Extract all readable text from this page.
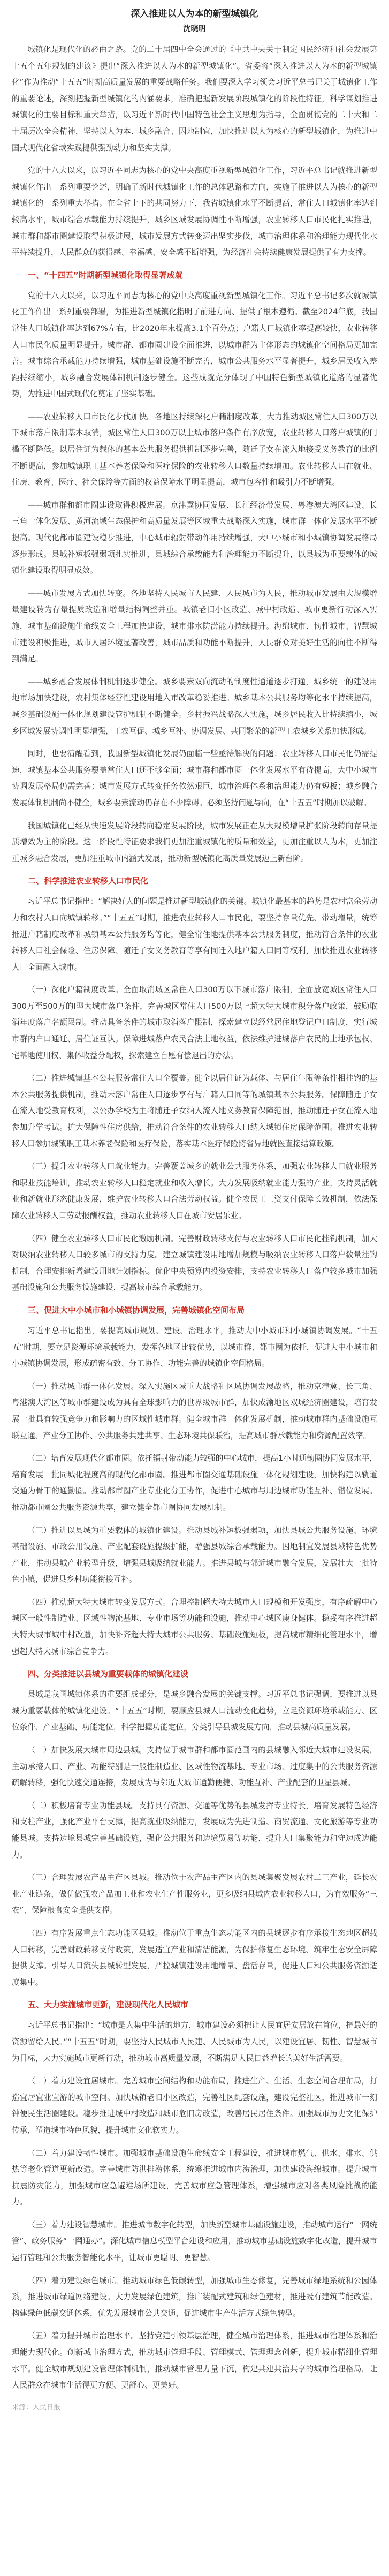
深入推进以人为本的新型城镇化
沈晓明
城镇化是现代化的必由之路。党的二十届四中全会通过的《中共中央关于制定国民经济和社会发展第十五个五年规划的建议》提出“深入推进以人为本的新型城镇化”。省委将“深入推进以人为本的新型城镇化”作为推动“十五五”时期高质量发展的重要战略任务。我们要深入学习领会习近平总书记关于城镇化工作的重要论述，深刻把握新型城镇化的内涵要求，准确把握新发展阶段城镇化的阶段性特征，科学谋划推进城镇化的主要目标和重大举措，以习近平新时代中国特色社会主义思想为指导，全面贯彻党的二十大和二十届历次全会精神，坚持以人为本、城乡融合、因地制宜，加快推进以人为核心的新型城镇化，为推进中国式现代化省域实践提供强劲动力和坚实支撑。
党的十八大以来，以习近平同志为核心的党中央高度重视新型城镇化工作，习近平总书记就推进新型城镇化作出一系列重要论述，明确了新时代城镇化工作的总体思路和方向，实施了推进以人为核心的新型城镇化的一系列重大举措。在全省上下的共同努力下，我省城镇化水平不断提高，常住人口城镇化率达到较高水平，城市综合承载能力持续提升，城乡区域发展协调性不断增强，农业转移人口市民化扎实推进，城市群和都市圈建设取得积极进展，城市发展方式转变迈出坚实步伐，城市治理体系和治理能力现代化水平持续提升，人民群众的获得感、幸福感、安全感不断增强，为经济社会持续健康发展提供了有力支撑。
一、“十四五”时期新型城镇化取得显著成就
党的十八大以来，以习近平同志为核心的党中央高度重视新型城镇化工作。习近平总书记多次就城镇化工作作出一系列重要部署，为推进新型城镇化指明了前进方向、提供了根本遵循。截至2024年底，我国常住人口城镇化率达到67%左右，比2020年末提高3.1个百分点；户籍人口城镇化率提高较快，农业转移人口市民化质量明显提升。城市群、都市圈建设全面推进，以城市群为主体形态的城镇化空间格局更加完善。城市综合承载能力持续增强，城市基础设施不断完善，城市公共服务水平显著提升，城乡居民收入差距持续缩小，城乡融合发展体制机制逐步健全。这些成就充分体现了中国特色新型城镇化道路的显著优势，为推进中国式现代化奠定了坚实基础。
——农业转移人口市民化步伐加快。各地区持续深化户籍制度改革，大力推动城区常住人口300万以下城市落户限制基本取消，城区常住人口300万以上城市落户条件有序放宽，农业转移人口落户城镇的门槛不断降低。以居住证为载体的基本公共服务提供机制逐步完善，随迁子女在流入地接受义务教育的比例不断提高，参加城镇职工基本养老保险和医疗保险的农业转移人口数量持续增加。农业转移人口在就业、住房、教育、医疗、社会保障等方面的权益保障水平明显提高，城市包容性和吸引力不断增强。
——城市群和都市圈建设取得积极进展。京津冀协同发展、长江经济带发展、粤港澳大湾区建设、长三角一体化发展、黄河流域生态保护和高质量发展等区域重大战略深入实施，城市群一体化发展水平不断提高。现代化都市圈建设稳步推进，中心城市辐射带动作用持续增强，大中小城市和小城镇协调发展格局逐步形成。县城补短板强弱项扎实推进，县城综合承载能力和治理能力不断提升，以县城为重要载体的城镇化建设取得明显成效。
——城市发展方式加快转变。各地坚持人民城市人民建、人民城市为人民，推动城市发展由大规模增量建设转为存量提质改造和增量结构调整并重。城镇老旧小区改造、城中村改造、城市更新行动深入实施，城市基础设施生命线安全工程加快建设，城市排水防涝能力持续提升。海绵城市、韧性城市、智慧城市建设积极推进，城市人居环境显著改善，城市品质和功能不断提升，人民群众对美好生活的向往不断得到满足。
——城乡融合发展体制机制逐步健全。城乡要素双向流动的制度性通道逐步打通，城乡统一的建设用地市场加快建设，农村集体经营性建设用地入市改革稳妥推进。城乡基本公共服务均等化水平持续提高，城乡基础设施一体化规划建设管护机制不断健全。乡村振兴战略深入实施，城乡居民收入比持续缩小，城乡区域发展协调性明显增强，工农互促、城乡互补、协调发展、共同繁荣的新型工农城乡关系加快形成。
同时，也要清醒看到，我国新型城镇化发展仍面临一些亟待解决的问题：农业转移人口市民化仍需提速，城镇基本公共服务覆盖常住人口还不够全面；城市群和都市圈一体化发展水平有待提高，大中小城市协调发展格局仍需完善；城市发展方式转变任务依然艰巨，城市治理体系和治理能力仍有短板；城乡融合发展体制机制尚不健全，城乡要素流动仍存在不少障碍。必须坚持问题导向，在“十五五”时期加以破解。
我国城镇化已经从快速发展阶段转向稳定发展阶段，城市发展正在从大规模增量扩张阶段转向存量提质增效为主的阶段。这一阶段性特征要求我们更加注重城镇化的质量和效益，更加注重以人为本，更加注重城乡融合发展，更加注重城市内涵式发展，推动新型城镇化高质量发展迈上新台阶。
二、科学推进农业转移人口市民化
习近平总书记指出：“解决好人的问题是推进新型城镇化的关键。城镇化最基本的趋势是农村富余劳动力和农村人口向城镇转移。”“十五五”时期，推进农业转移人口市民化，要坚持存量优先、带动增量，统筹推进户籍制度改革和城镇基本公共服务均等化，健全常住地提供基本公共服务制度，推动符合条件的农业转移人口社会保险、住房保障、随迁子女义务教育等享有同迁入地户籍人口同等权利，加快推进农业转移人口全面融入城市。
（一）深化户籍制度改革。全面取消城区常住人口300万以下城市落户限制，全面放宽城区常住人口300万至500万的Ⅰ型大城市落户条件，完善城区常住人口500万以上超大特大城市积分落户政策，鼓励取消年度落户名额限制。推动具备条件的城市取消落户限制，探索建立以经常居住地登记户口制度，实行城市群内户口通迁、居住证互认。保障进城落户农民合法土地权益，依法维护进城落户农民的土地承包权、宅基地使用权、集体收益分配权，探索建立自愿有偿退出的办法。
（二）推进城镇基本公共服务常住人口全覆盖。健全以居住证为载体、与居住年限等条件相挂钩的基本公共服务提供机制，推动未落户常住人口逐步享有与户籍人口同等的城镇基本公共服务。保障随迁子女在流入地受教育权利，以公办学校为主将随迁子女纳入流入地义务教育保障范围，推动随迁子女在流入地参加升学考试。扩大保障性住房供给，推动符合条件的农业转移人口纳入城镇住房保障范围。推进农业转移人口参加城镇职工基本养老保险和医疗保险，落实基本医疗保险跨省异地就医直接结算政策。
（三）提升农业转移人口就业能力。完善覆盖城乡的就业公共服务体系，加强农业转移人口就业服务和职业技能培训，推动农业转移人口稳定就业和收入增长。大力发展吸纳就业能力强的产业，支持灵活就业和新就业形态健康发展，维护农业转移人口合法劳动权益。健全农民工工资支付保障长效机制，依法保障农业转移人口劳动报酬权益，推动农业转移人口在城市安居乐业。
（四）健全农业转移人口市民化激励机制。完善财政转移支付与农业转移人口市民化挂钩机制，加大对吸纳农业转移人口较多城市的支持力度。建立城镇建设用地增加规模与吸纳农业转移人口落户数量挂钩机制，合理安排新增建设用地计划指标。优化中央预算内投资安排，支持农业转移人口落户较多城市加强基础设施和公共服务设施建设，提高城市综合承载能力。
三、促进大中小城市和小城镇协调发展，完善城镇化空间布局
习近平总书记指出，要提高城市规划、建设、治理水平，推动大中小城市和小城镇协调发展。“十五五”时期，要立足资源环境承载能力，发挥各地区比较优势，以城市群、都市圈为依托，促进大中小城市和小城镇协调发展，形成疏密有致、分工协作、功能完善的城镇化空间格局。
（一）推动城市群一体化发展。深入实施区域重大战略和区域协调发展战略，推动京津冀、长三角、粤港澳大湾区等城市群建设成为具有全球影响力的世界级城市群，加快成渝地区双城经济圈建设，培育发展一批具有较强竞争力和影响力的区域性城市群。健全城市群一体化发展机制，推动城市群内基础设施互联互通、产业分工协作、公共服务共建共享、生态环境共保联治，提高城市群承载能力和资源配置效率。
（二）培育发展现代化都市圈。依托辐射带动能力较强的中心城市，提高1小时通勤圈协同发展水平，培育发展一批同城化程度高的现代化都市圈。推进都市圈交通基础设施一体化规划建设，加快构建以轨道交通为骨干的通勤圈。推动都市圈产业专业化分工协作，促进中心城市与周边城市功能互补、错位发展。推动都市圈公共服务资源共享，建立健全都市圈协同发展机制。
（三）推进以县城为重要载体的城镇化建设。推动县城补短板强弱项，加快县城公共服务设施、环境基础设施、市政公用设施、产业配套设施提级扩能，增强县城综合承载能力。因地制宜发展县域特色优势产业，推动县城产业转型升级，增强县城吸纳就业能力。推进县城与邻近城市融合发展，发展壮大一批特色小镇，促进县乡村功能衔接互补。
（四）推动超大特大城市转变发展方式。合理控制超大特大城市人口规模和开发强度，有序疏解中心城区一般性制造业、区域性物流基地、专业市场等功能和设施，推动中心城区瘦身健体。稳妥有序推进超大特大城市城中村改造，加快补齐超大特大城市公共服务、基础设施短板，提高城市精细化管理水平，增强超大特大城市综合竞争力。
四、分类推进以县城为重要载体的城镇化建设
县城是我国城镇体系的重要组成部分，是城乡融合发展的关键支撑。习近平总书记强调，要推进以县城为重要载体的城镇化建设。“十五五”时期，要顺应县城人口流动变化趋势，立足资源环境承载能力、区位条件、产业基础、功能定位，科学把握功能定位，分类引导县城发展方向，推动县城高质量发展。
（一）加快发展大城市周边县城。支持位于城市群和都市圈范围内的县城融入邻近大城市建设发展，主动承接人口、产业、功能特别是一般性制造业、区域性物流基地、专业市场、过度集中的公共服务资源疏解转移，强化快速交通连接，发展成为与邻近大城市通勤便捷、功能互补、产业配套的卫星县城。
（二）积极培育专业功能县城。支持具有资源、交通等优势的县城发挥专业特长，培育发展特色经济和支柱产业，强化产业平台支撑，提高就业吸纳能力，发展成为先进制造、商贸流通、文化旅游等专业功能县城。支持边境县城完善基础设施，强化公共服务和边境贸易等功能，提升人口集聚能力和守边戍边能力。
（三）合理发展农产品主产区县城。推动位于农产品主产区内的县城集聚发展农村二三产业，延长农业产业链条，做优做强农产品加工业和农业生产性服务业，更多吸纳县域内农业转移人口，为有效服务“三农”、保障粮食安全提供支撑。
（四）有序发展重点生态功能区县城。推动位于重点生态功能区内的县城逐步有序承接生态地区超载人口转移，完善财政转移支付政策，发展适宜产业和清洁能源，为保护修复生态环境、筑牢生态安全屏障提供支撑。引导人口流失县城转型发展，严控城镇建设用地增量、盘活存量，促进人口和公共服务资源适度集中。
五、大力实施城市更新，建设现代化人民城市
习近平总书记指出：“城市是人集中生活的地方，城市建设必须把让人民宜居安居放在首位，把最好的资源留给人民。”“十五五”时期，要坚持人民城市人民建、人民城市为人民，以建设宜居、韧性、智慧城市为目标，大力实施城市更新行动，推动城市高质量发展，不断满足人民日益增长的美好生活需要。
（一）着力建设宜居城市。完善城市空间结构和功能布局，推进生产、生活、生态空间合理布局，打造宜居宜业宜游的城市空间。加快城镇老旧小区改造，完善社区配套设施，建设完整社区，推进城市一刻钟便民生活圈建设。稳步推进城中村改造和城市危旧房改造，改善居民居住条件。加强城市历史文化保护传承，塑造城市特色风貌，提升城市文化软实力。
（二）着力建设韧性城市。加强城市基础设施生命线安全工程建设，推进城市燃气、供水、排水、供热等老化管道更新改造。完善城市防洪排涝体系，统筹推进城市内涝治理，加快建设海绵城市。提升城市抗震防灾能力，加强城市应急避难场所建设，完善城市应急管理体系，增强城市应对各类风险挑战的能力。
（三）着力建设智慧城市。推进城市数字化转型，加快新型城市基础设施建设，推动城市运行“一网统管”、政务服务“一网通办”。深化城市信息模型平台建设和应用，推动城市基础设施数字化改造，提升城市运行管理和公共服务智能化水平，让城市更聪明、更智慧。
（四）着力建设绿色城市。推动城市绿色低碳转型，加强城市生态修复，完善城市绿地系统和公园体系，推进城市绿道网络建设。大力发展绿色建筑，推广装配式建筑和绿色建材，推进既有建筑节能改造。构建绿色低碳交通体系，优先发展城市公共交通，促进城市生产生活方式绿色转型。
（五）着力提升城市治理水平。坚持党建引领基层治理，健全城市治理体系，推进城市治理体系和治理能力现代化。创新城市治理方式，推动城市管理手段、管理模式、管理理念创新，提升城市精细化管理水平。健全城市规划建设管理体制机制，推动城市管理力量下沉，构建共建共治共享的城市治理格局，让人民群众在城市生活得更方便、更舒心、更美好。
来源：人民日报
